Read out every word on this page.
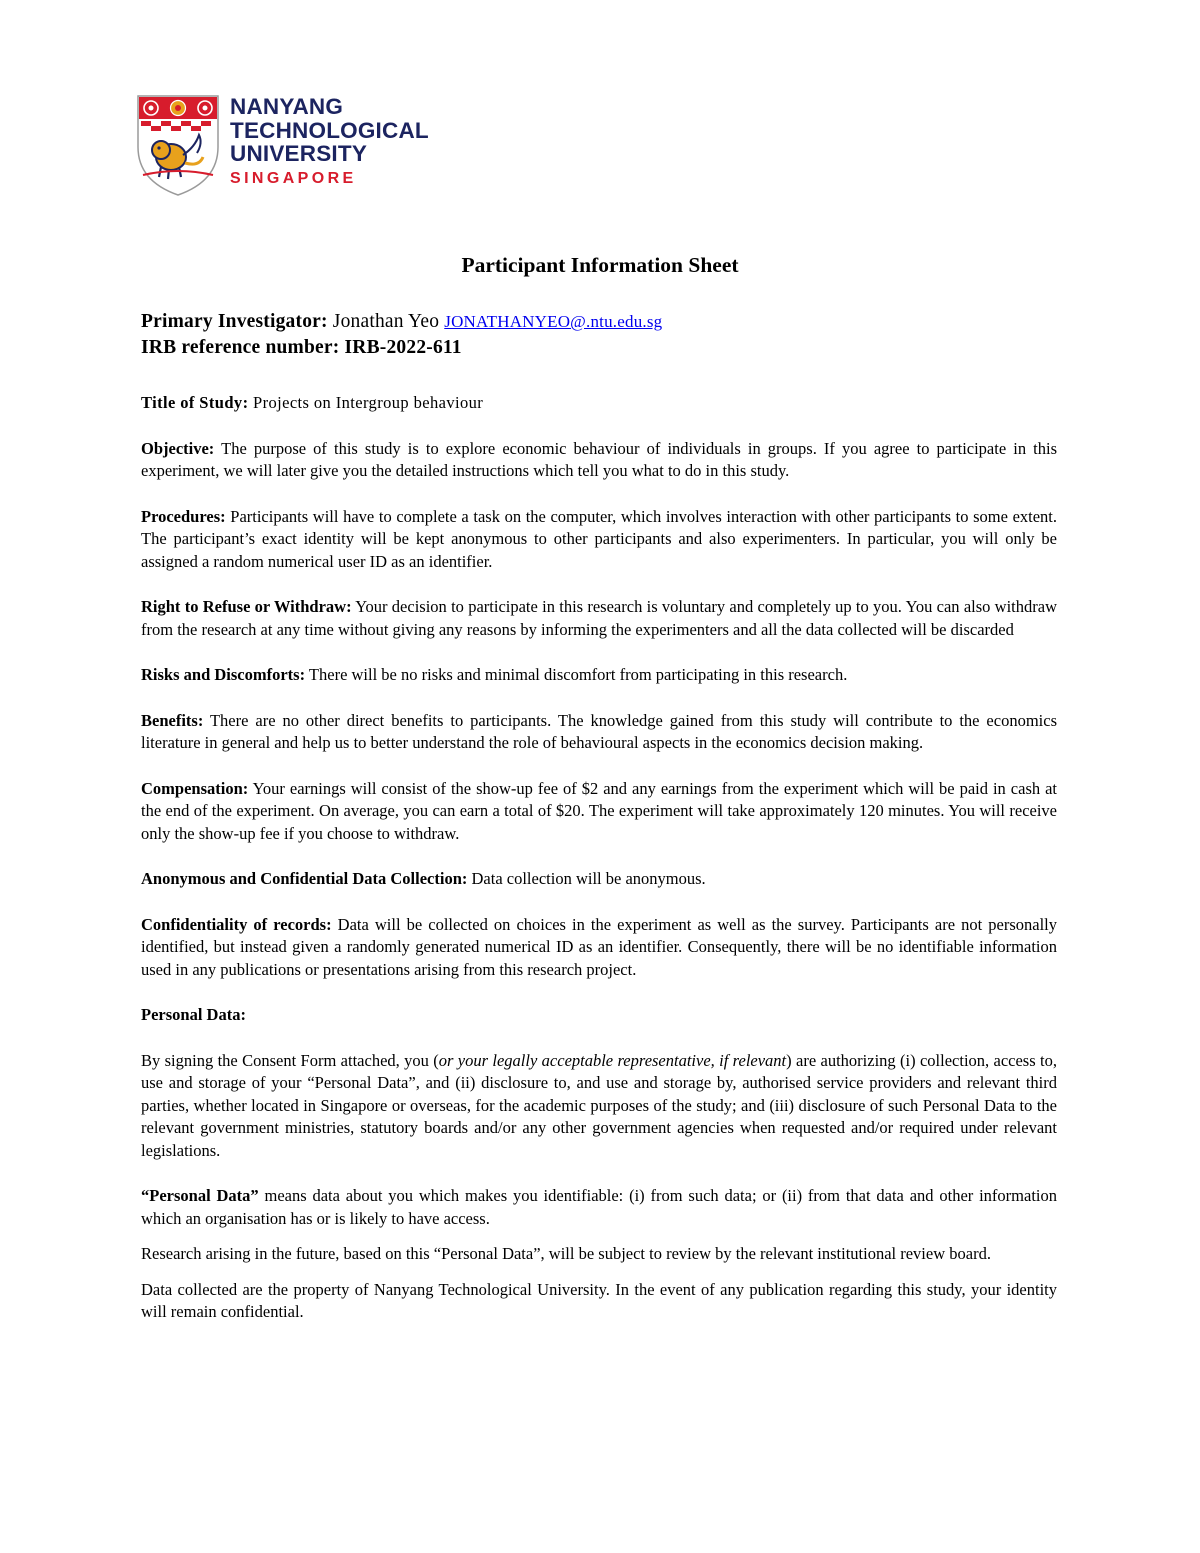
NANYANG
TECHNOLOGICAL
UNIVERSITY
SINGAPORE
Participant Information Sheet
Primary Investigator: Jonathan Yeo JONATHANYEO@.ntu.edu.sg
IRB reference number: IRB-2022-611

Title of Study: Projects on Intergroup behaviour

Objective: The purpose of this study is to explore economic behaviour of individuals in groups. If you agree to participate in this experiment, we will later give you the detailed instructions which tell you what to do in this study.

Procedures: Participants will have to complete a task on the computer, which involves interaction with other participants to some extent. The participant’s exact identity will be kept anonymous to other participants and also experimenters. In particular, you will only be assigned a random numerical user ID as an identifier.

Right to Refuse or Withdraw: Your decision to participate in this research is voluntary and completely up to you. You can also withdraw from the research at any time without giving any reasons by informing the experimenters and all the data collected will be discarded

Risks and Discomforts: There will be no risks and minimal discomfort from participating in this research.

Benefits: There are no other direct benefits to participants. The knowledge gained from this study will contribute to the economics literature in general and help us to better understand the role of behavioural aspects in the economics decision making.

Compensation: Your earnings will consist of the show-up fee of $2 and any earnings from the experiment which will be paid in cash at the end of the experiment. On average, you can earn a total of $20. The experiment will take approximately 120 minutes. You will receive only the show-up fee if you choose to withdraw.

Anonymous and Confidential Data Collection: Data collection will be anonymous.

Confidentiality of records: Data will be collected on choices in the experiment as well as the survey. Participants are not personally identified, but instead given a randomly generated numerical ID as an identifier. Consequently, there will be no identifiable information used in any publications or presentations arising from this research project.

Personal Data:

By signing the Consent Form attached, you (or your legally acceptable representative, if relevant) are authorizing (i) collection, access to, use and storage of your “Personal Data”, and (ii) disclosure to, and use and storage by, authorised service providers and relevant third parties, whether located in Singapore or overseas, for the academic purposes of the study; and (iii) disclosure of such Personal Data to the relevant government ministries, statutory boards and/or any other government agencies when requested and/or required under relevant legislations.

“Personal Data” means data about you which makes you identifiable: (i) from such data; or (ii) from that data and other information which an organisation has or is likely to have access.

Research arising in the future, based on this “Personal Data”, will be subject to review by the relevant institutional review board.

Data collected are the property of Nanyang Technological University. In the event of any publication regarding this study, your identity will remain confidential.
